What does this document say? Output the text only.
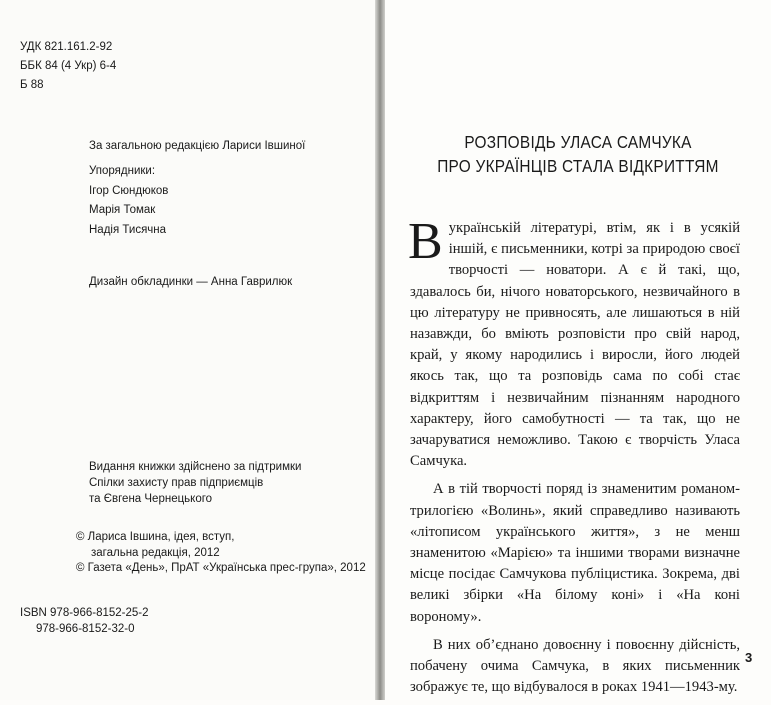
УДК 821.161.2-92
ББК 84 (4 Укр) 6-4
Б 88
За загальною редакцією Лариси Івшиної
Упорядники:
Ігор Сюндюков
Марія Томак
Надія Тисячна
Дизайн обкладинки — Анна Гаврилюк
Видання книжки здійснено за підтримки
Спілки захисту прав підприємців
та Євгена Чернецького
© Лариса Івшина, ідея, вступ,
загальна редакція, 2012
© Газета «День», ПрАТ «Українська прес-група», 2012
ISBN 978-966-8152-25-2
978-966-8152-32-0
РОЗПОВІДЬ УЛАСА САМЧУКА
ПРО УКРАЇНЦІВ СТАЛА ВІДКРИТТЯМ

В українській літературі, втім, як і в усякій іншій, є письменники, котрі за природою своєї творчості — новатори. А є й такі, що, здавалось би, нічого новаторського, незвичайного в цю літературу не привносять, але лишаються в ній назавжди, бо вміють розповісти про свій народ, край, у якому народились і виросли, його людей якось так, що та розповідь сама по собі стає відкриттям і незвичайним пізнанням народного характеру, його самобутності — та так, що не зачаруватися неможливо. Такою є творчість Уласа Самчука.

А в тій творчості поряд із знаменитим романом-трилогією «Волинь», який справедливо називають «літописом українського життя», з не менш знаменитою «Марією» та іншими творами визначне місце посідає Самчукова публіцистика. Зокрема, дві великі збірки «На білому коні» і «На коні вороному».

В них об’єднано довоєнну і повоєнну дійсність, побачену очима Самчука, в яких письменник зображує те, що відбувалося в роках 1941—1943-му.

3
